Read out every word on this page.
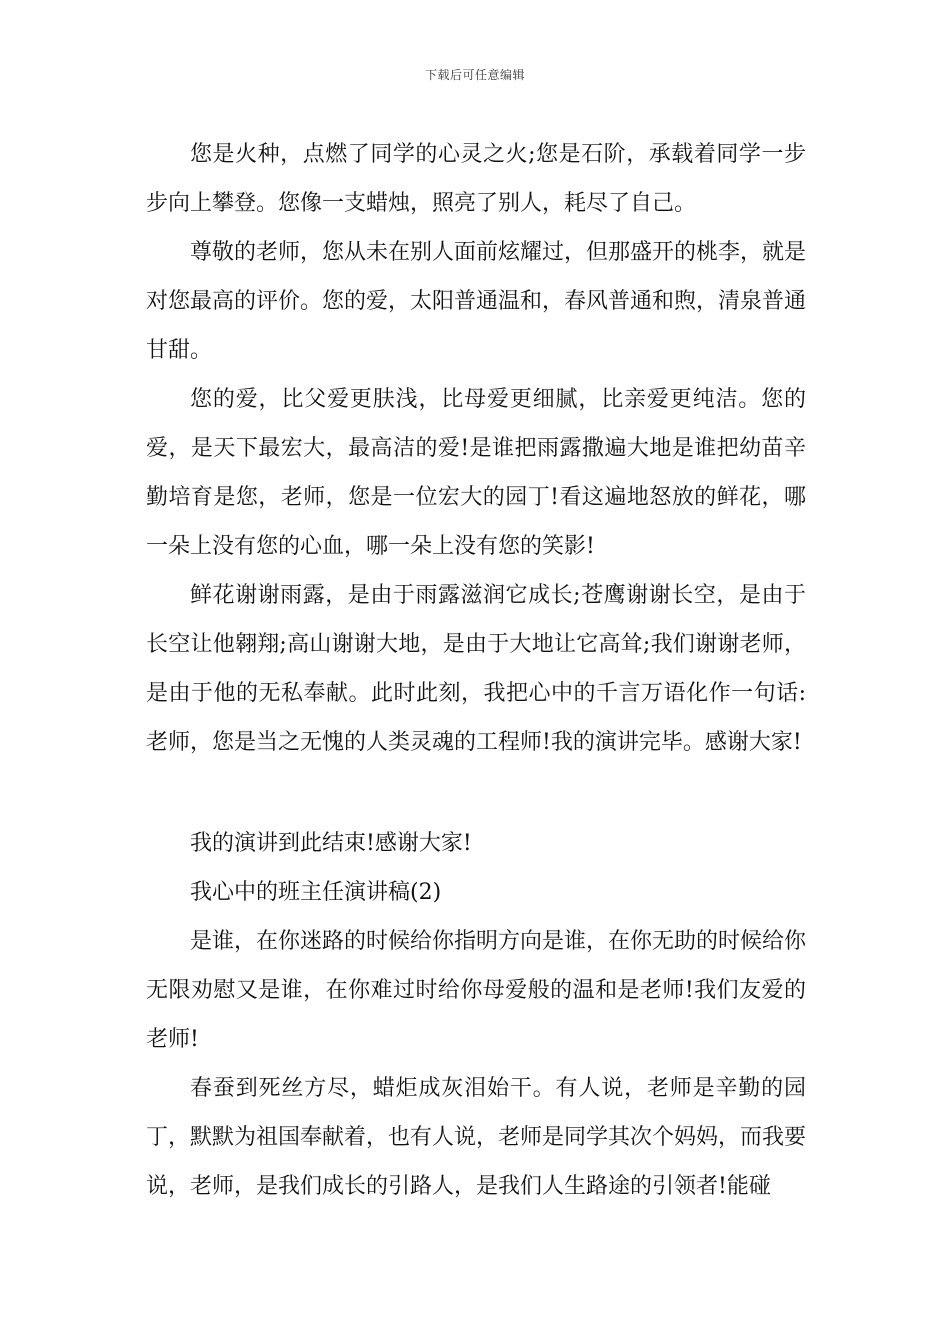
下载后可任意编辑

您是火种，点燃了同学的心灵之火;您是石阶，承载着同学一步步向上攀登。您像一支蜡烛，照亮了别人，耗尽了自己。

尊敬的老师，您从未在别人面前炫耀过，但那盛开的桃李，就是对您最高的评价。您的爱，太阳普通温和，春风普通和煦，清泉普通甘甜。

您的爱，比父爱更肤浅，比母爱更细腻，比亲爱更纯洁。您的爱，是天下最宏大，最高洁的爱!是谁把雨露撒遍大地是谁把幼苗辛勤培育是您，老师，您是一位宏大的园丁!看这遍地怒放的鲜花，哪一朵上没有您的心血，哪一朵上没有您的笑影!

鲜花谢谢雨露，是由于雨露滋润它成长;苍鹰谢谢长空，是由于长空让他翱翔;高山谢谢大地，是由于大地让它高耸;我们谢谢老师，是由于他的无私奉献。此时此刻，我把心中的千言万语化作一句话:老师，您是当之无愧的人类灵魂的工程师!我的演讲完毕。感谢大家!

我的演讲到此结束!感谢大家!

我心中的班主任演讲稿(2)

是谁，在你迷路的时候给你指明方向是谁，在你无助的时候给你无限劝慰又是谁，在你难过时给你母爱般的温和是老师!我们友爱的老师!

春蚕到死丝方尽，蜡炬成灰泪始干。有人说，老师是辛勤的园丁，默默为祖国奉献着，也有人说，老师是同学其次个妈妈，而我要说，老师，是我们成长的引路人，是我们人生路途的引领者!能碰
